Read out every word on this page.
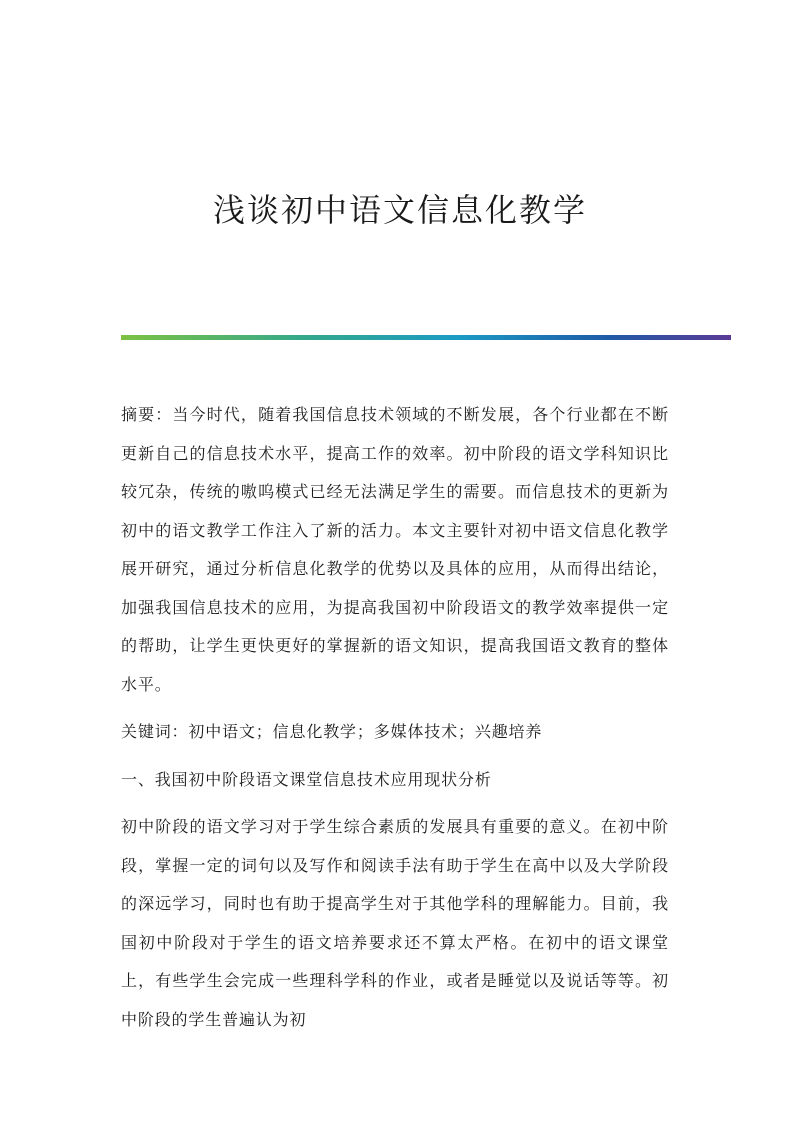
浅谈初中语文信息化教学

摘要：当今时代，随着我国信息技术领域的不断发展，各个行业都在不断更新自己的信息技术水平，提高工作的效率。初中阶段的语文学科知识比较冗杂，传统的嗷呜模式已经无法满足学生的需要。而信息技术的更新为初中的语文教学工作注入了新的活力。本文主要针对初中语文信息化教学展开研究，通过分析信息化教学的优势以及具体的应用，从而得出结论，加强我国信息技术的应用，为提高我国初中阶段语文的教学效率提供一定的帮助，让学生更快更好的掌握新的语文知识，提高我国语文教育的整体水平。

关键词：初中语文；信息化教学；多媒体技术；兴趣培养

一、我国初中阶段语文课堂信息技术应用现状分析

初中阶段的语文学习对于学生综合素质的发展具有重要的意义。在初中阶段，掌握一定的词句以及写作和阅读手法有助于学生在高中以及大学阶段的深远学习，同时也有助于提高学生对于其他学科的理解能力。目前，我国初中阶段对于学生的语文培养要求还不算太严格。在初中的语文课堂上，有些学生会完成一些理科学科的作业，或者是睡觉以及说话等等。初中阶段的学生普遍认为初
